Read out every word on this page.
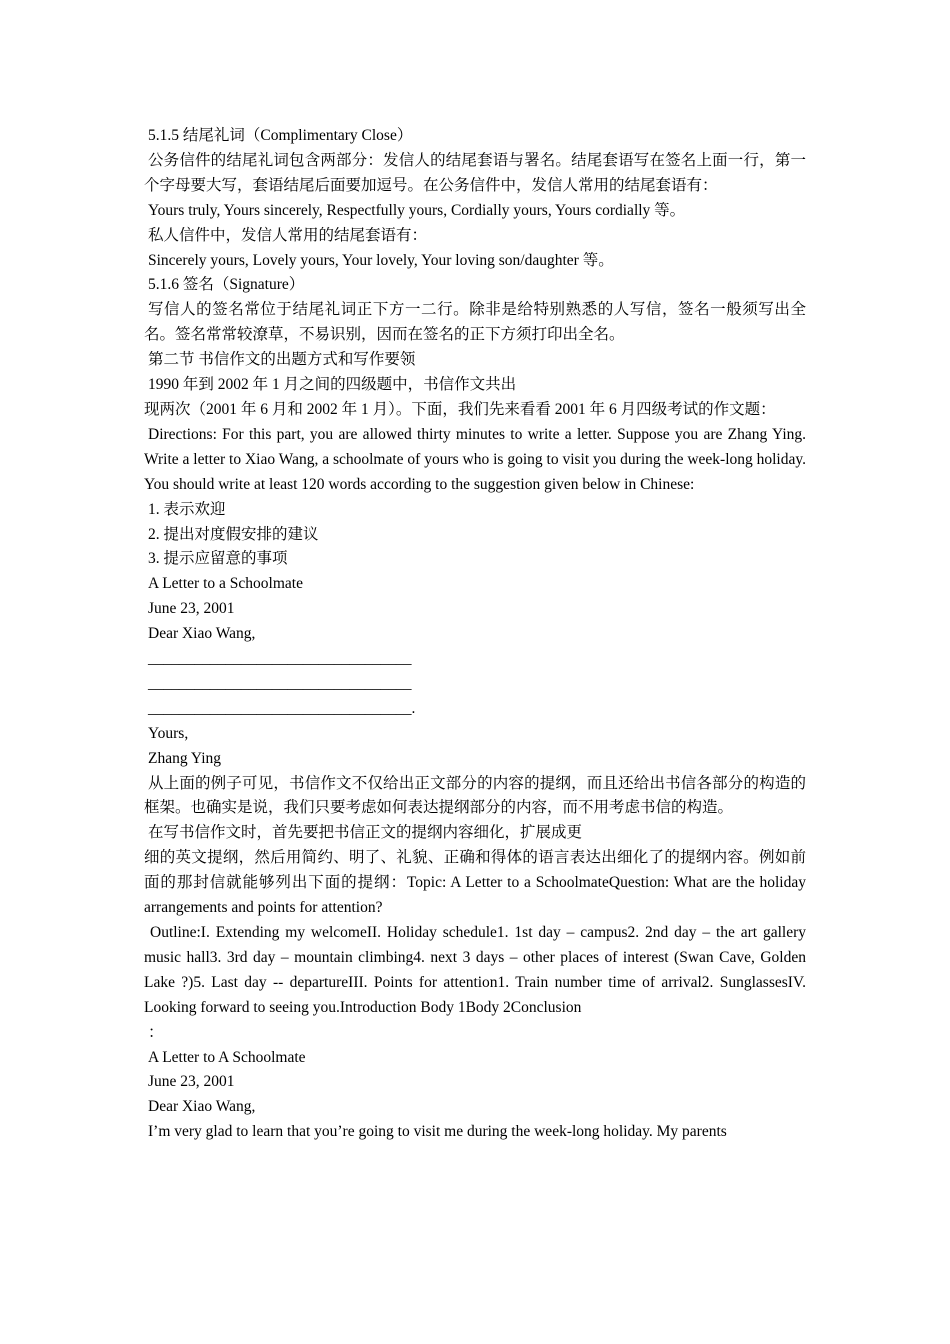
5.1.5 结尾礼词（Complimentary Close）
公务信件的结尾礼词包含两部分：发信人的结尾套语与署名。结尾套语写在签名上面一行，第一个字母要大写，套语结尾后面要加逗号。在公务信件中，发信人常用的结尾套语有：
Yours truly, Yours sincerely, Respectfully yours, Cordially yours, Yours cordially 等。
私人信件中，发信人常用的结尾套语有：
Sincerely yours, Lovely yours, Your lovely, Your loving son/daughter 等。
5.1.6 签名（Signature）
写信人的签名常位于结尾礼词正下方一二行。除非是给特别熟悉的人写信，签名一般须写出全名。签名常常较潦草，不易识别，因而在签名的正下方须打印出全名。
第二节 书信作文的出题方式和写作要领
1990 年到 2002 年 1 月之间的四级题中，书信作文共出
现两次（2001 年 6 月和 2002 年 1 月）。下面，我们先来看看 2001 年 6 月四级考试的作文题：
Directions: For this part, you are allowed thirty minutes to write a letter. Suppose you are Zhang Ying. Write a letter to Xiao Wang, a schoolmate of yours who is going to visit you during the week-long holiday. You should write at least 120 words according to the suggestion given below in Chinese:
1. 表示欢迎
2. 提出对度假安排的建议
3. 提示应留意的事项
A Letter to a Schoolmate
June 23, 2001
Dear Xiao Wang,
__________________________________
__________________________________
__________________________________.
Yours,
Zhang Ying
从上面的例子可见，书信作文不仅给出正文部分的内容的提纲，而且还给出书信各部分的构造的框架。也确实是说，我们只要考虑如何表达提纲部分的内容，而不用考虑书信的构造。
在写书信作文时，首先要把书信正文的提纲内容细化，扩展成更
细的英文提纲，然后用简约、明了、礼貌、正确和得体的语言表达出细化了的提纲内容。例如前面的那封信就能够列出下面的提纲：Topic: A Letter to a SchoolmateQuestion: What are the holiday arrangements and points for attention?
Outline:I. Extending my welcomeII. Holiday schedule1. 1st day – campus2. 2nd day – the art gallery music hall3. 3rd day – mountain climbing4. next 3 days – other places of interest (Swan Cave, Golden Lake ?)5. Last day -- departureIII. Points for attention1. Train number time of arrival2. SunglassesIV. Looking forward to seeing you.Introduction Body 1Body 2Conclusion
：
A Letter to A Schoolmate
June 23, 2001
Dear Xiao Wang,
I’m very glad to learn that you’re going to visit me during the week-long holiday. My parents
